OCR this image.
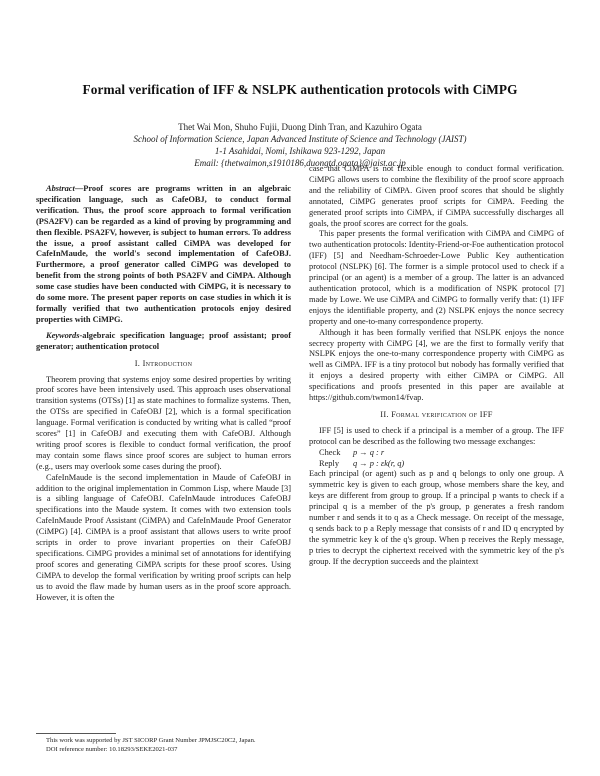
Formal verification of IFF & NSLPK authentication protocols with CiMPG
Thet Wai Mon, Shuho Fujii, Duong Dinh Tran, and Kazuhiro Ogata
School of Information Science, Japan Advanced Institute of Science and Technology (JAIST)
1-1 Asahidai, Nomi, Ishikawa 923-1292, Japan
Email: {thetwaimon,s1910186,duongtd,ogata}@jaist.ac.jp

Abstract—Proof scores are programs written in an algebraic specification language, such as CafeOBJ, to conduct formal verification. Thus, the proof score approach to formal verification (PSA2FV) can be regarded as a kind of proving by programming and then flexible. PSA2FV, however, is subject to human errors. To address the issue, a proof assistant called CiMPA was developed for CafeInMaude, the world's second implementation of CafeOBJ. Furthermore, a proof generator called CiMPG was developed to benefit from the strong points of both PSA2FV and CiMPA. Although some case studies have been conducted with CiMPG, it is necessary to do some more. The present paper reports on case studies in which it is formally verified that two authentication protocols enjoy desired properties with CiMPG.

Keywords-algebraic specification language; proof assistant; proof generator; authentication protocol

I. Introduction

Theorem proving that systems enjoy some desired properties by writing proof scores have been intensively used. This approach uses observational transition systems (OTSs) [1] as state machines to formalize systems. Then, the OTSs are specified in CafeOBJ [2], which is a formal specification language. Formal verification is conducted by writing what is called “proof scores” [1] in CafeOBJ and executing them with CafeOBJ. Although writing proof scores is flexible to conduct formal verification, the proof may contain some flaws since proof scores are subject to human errors (e.g., users may overlook some cases during the proof).

CafeInMaude is the second implementation in Maude of CafeOBJ in addition to the original implementation in Common Lisp, where Maude [3] is a sibling language of CafeOBJ. CafeInMaude introduces CafeOBJ specifications into the Maude system. It comes with two extension tools CafeInMaude Proof Assistant (CiMPA) and CafeInMaude Proof Generator (CiMPG) [4]. CiMPA is a proof assistant that allows users to write proof scripts in order to prove invariant properties on their CafeOBJ specifications. CiMPG provides a minimal set of annotations for identifying proof scores and generating CiMPA scripts for these proof scores. Using CiMPA to develop the formal verification by writing proof scripts can help us to avoid the flaw made by human users as in the proof score approach. However, it is often the

case that CiMPA is not flexible enough to conduct formal verification. CiMPG allows users to combine the flexibility of the proof score approach and the reliability of CiMPA. Given proof scores that should be slightly annotated, CiMPG generates proof scripts for CiMPA. Feeding the generated proof scripts into CiMPA, if CiMPA successfully discharges all goals, the proof scores are correct for the goals.

This paper presents the formal verification with CiMPA and CiMPG of two authentication protocols: Identity-Friend-or-Foe authentication protocol (IFF) [5] and Needham-Schroeder-Lowe Public Key authentication protocol (NSLPK) [6]. The former is a simple protocol used to check if a principal (or an agent) is a member of a group. The latter is an advanced authentication protocol, which is a modification of NSPK protocol [7] made by Lowe. We use CiMPA and CiMPG to formally verify that: (1) IFF enjoys the identifiable property, and (2) NSLPK enjoys the nonce secrecy property and one-to-many correspondence property.

Although it has been formally verified that NSLPK enjoys the nonce secrecy property with CiMPG [4], we are the first to formally verify that NSLPK enjoys the one-to-many correspondence property with CiMPG as well as CiMPA. IFF is a tiny protocol but nobody has formally verified that it enjoys a desired property with either CiMPA or CiMPG. All specifications and proofs presented in this paper are available at https://github.com/twmon14/fvap.

II. Formal verification of IFF

IFF [5] is used to check if a principal is a member of a group. The IFF protocol can be described as the following two message exchanges:

Check p → q : r
Reply q → p : εk(r, q)

Each principal (or agent) such as p and q belongs to only one group. A symmetric key is given to each group, whose members share the key, and keys are different from group to group. If a principal p wants to check if a principal q is a member of the p's group, p generates a fresh random number r and sends it to q as a Check message. On receipt of the message, q sends back to p a Reply message that consists of r and ID q encrypted by the symmetric key k of the q's group. When p receives the Reply message, p tries to decrypt the ciphertext received with the symmetric key of the p's group. If the decryption succeeds and the plaintext

This work was supported by JST SICORP Grant Number JPMJSC20C2, Japan.
DOI reference number: 10.18293/SEKE2021-037
